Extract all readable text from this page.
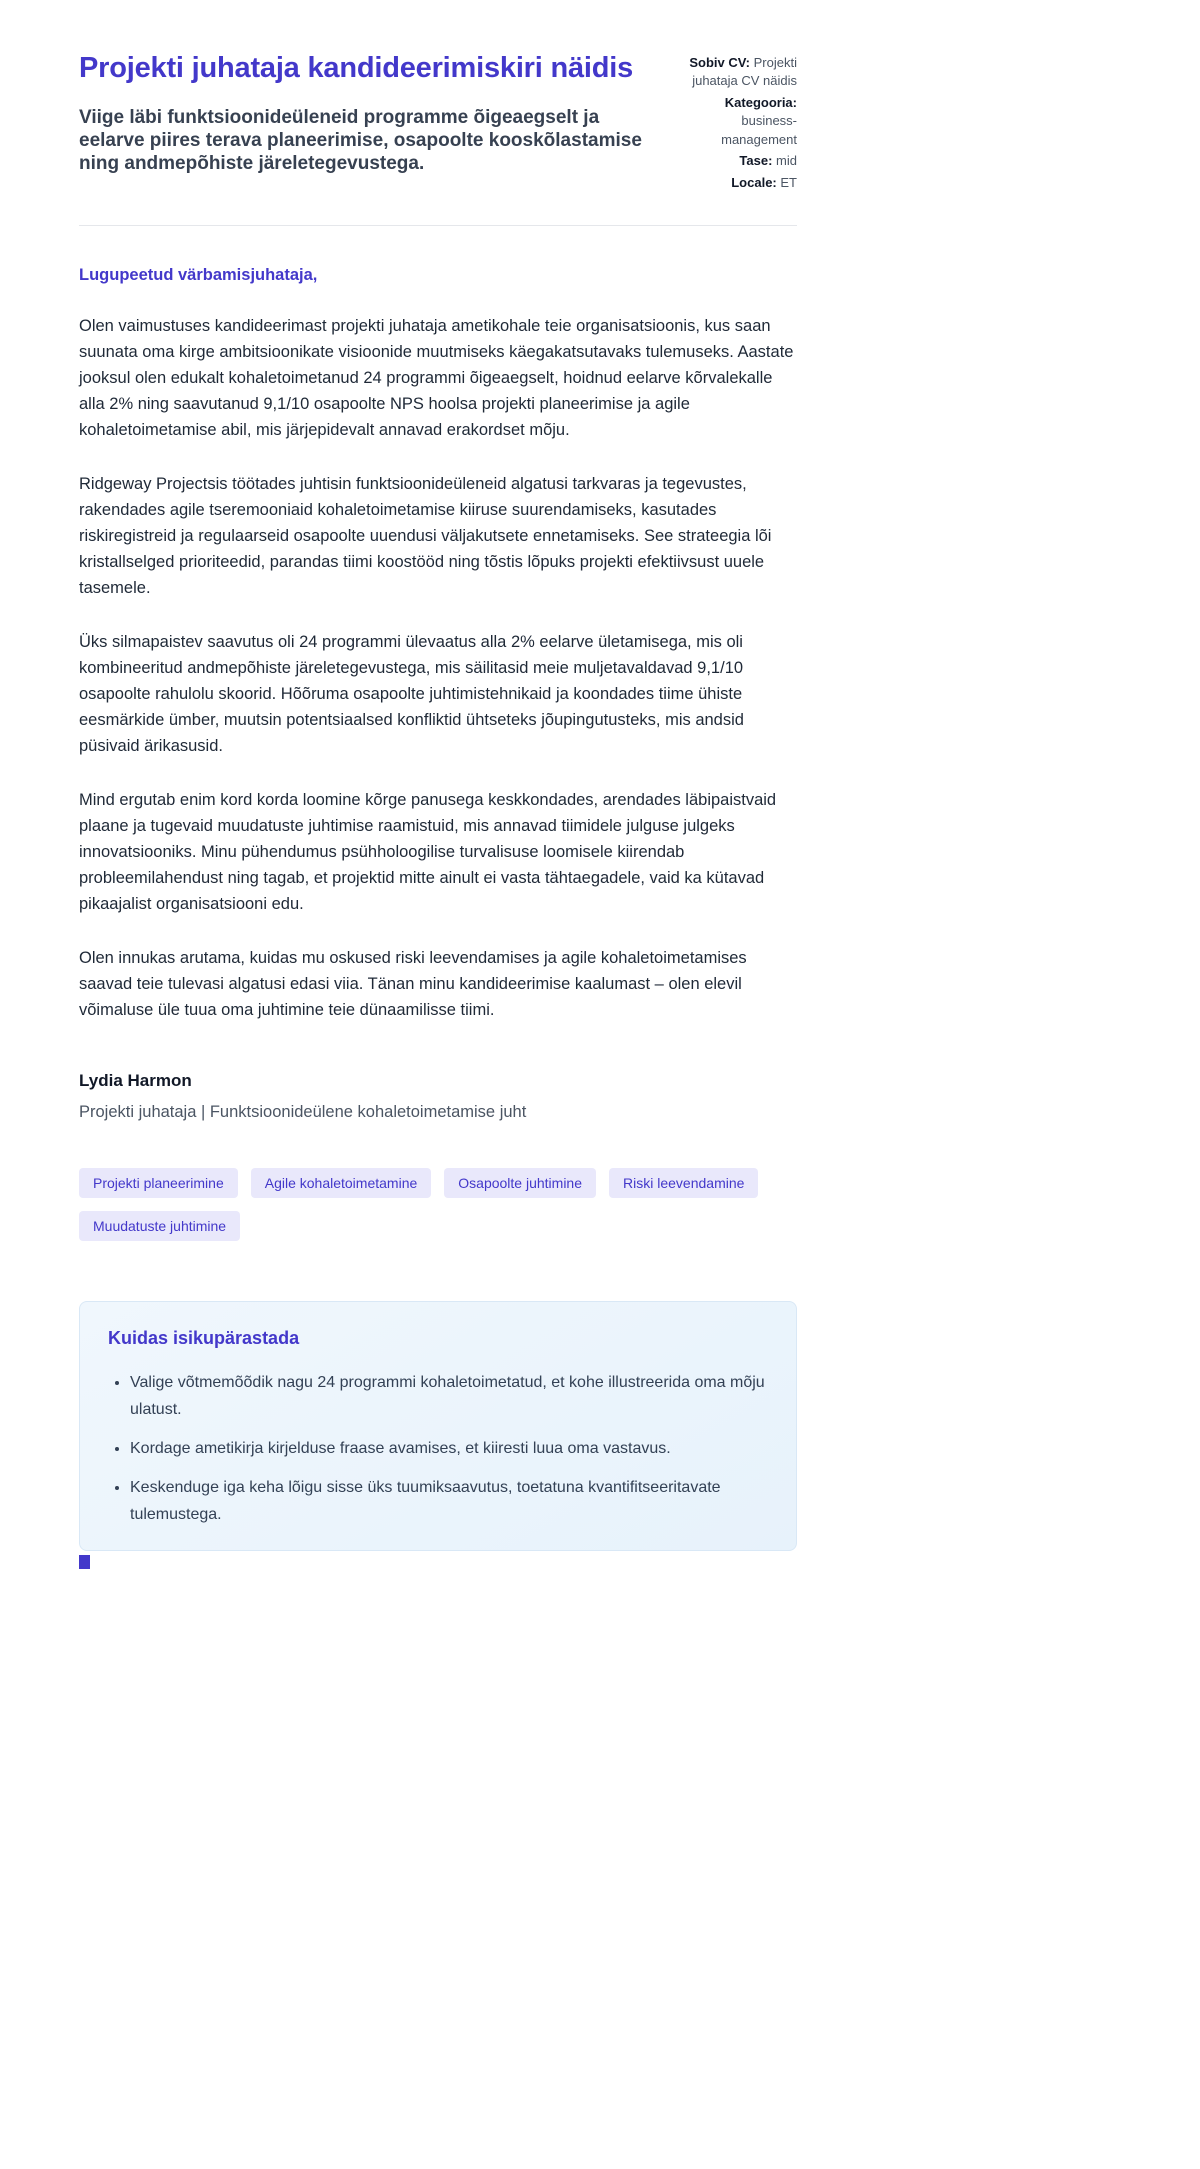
Projekti juhataja kandideerimiskiri näidis

Viige läbi funktsioonideüleneid programme õigeaegselt ja eelarve piires terava planeerimise, osapoolte kooskõlastamise ning andmepõhiste järeletegevustega.

Sobiv CV: Projekti juhataja CV näidis
Kategooria: business-management
Tase: mid
Locale: ET

Lugupeetud värbamisjuhataja,

Olen vaimustuses kandideerimast projekti juhataja ametikohale teie organisatsioonis, kus saan suunata oma kirge ambitsioonikate visioonide muutmiseks käegakatsutavaks tulemuseks. Aastate jooksul olen edukalt kohaletoimetanud 24 programmi õigeaegselt, hoidnud eelarve kõrvalekalle alla 2% ning saavutanud 9,1/10 osapoolte NPS hoolsa projekti planeerimise ja agile kohaletoimetamise abil, mis järjepidevalt annavad erakordset mõju.

Ridgeway Projectsis töötades juhtisin funktsioonideüleneid algatusi tarkvaras ja tegevustes, rakendades agile tseremooniaid kohaletoimetamise kiiruse suurendamiseks, kasutades riskiregistreid ja regulaarseid osapoolte uuendusi väljakutsete ennetamiseks. See strateegia lõi kristallselged prioriteedid, parandas tiimi koostööd ning tõstis lõpuks projekti efektiivsust uuele tasemele.

Üks silmapaistev saavutus oli 24 programmi ülevaatus alla 2% eelarve ületamisega, mis oli kombineeritud andmepõhiste järeletegevustega, mis säilitasid meie muljetavaldavad 9,1/10 osapoolte rahulolu skoorid. Hõõruma osapoolte juhtimistehnikaid ja koondades tiime ühiste eesmärkide ümber, muutsin potentsiaalsed konfliktid ühtseteks jõupingutusteks, mis andsid püsivaid ärikasusid.

Mind ergutab enim kord korda loomine kõrge panusega keskkondades, arendades läbipaistvaid plaane ja tugevaid muudatuste juhtimise raamistuid, mis annavad tiimidele julguse julgeks innovatsiooniks. Minu pühendumus psühholoogilise turvalisuse loomisele kiirendab probleemilahendust ning tagab, et projektid mitte ainult ei vasta tähtaegadele, vaid ka kütavad pikaajalist organisatsiooni edu.

Olen innukas arutama, kuidas mu oskused riski leevendamises ja agile kohaletoimetamises saavad teie tulevasi algatusi edasi viia. Tänan minu kandideerimise kaalumast – olen elevil võimaluse üle tuua oma juhtimine teie dünaamilisse tiimi.

Lydia Harmon

Projekti juhataja | Funktsioonideülene kohaletoimetamise juht

Projekti planeerimine	Agile kohaletoimetamine	Osapoolte juhtimine	Riski leevendamine
Muudatuste juhtimine
Kuidas isikupärastada
• Valige võtmemõõdik nagu 24 programmi kohaletoimetatud, et kohe illustreerida oma mõju ulatust.
• Kordage ametikirja kirjelduse fraase avamises, et kiiresti luua oma vastavus.
• Keskenduge iga keha lõigu sisse üks tuumiksaavutus, toetatuna kvantifitseeritavate tulemustega.
